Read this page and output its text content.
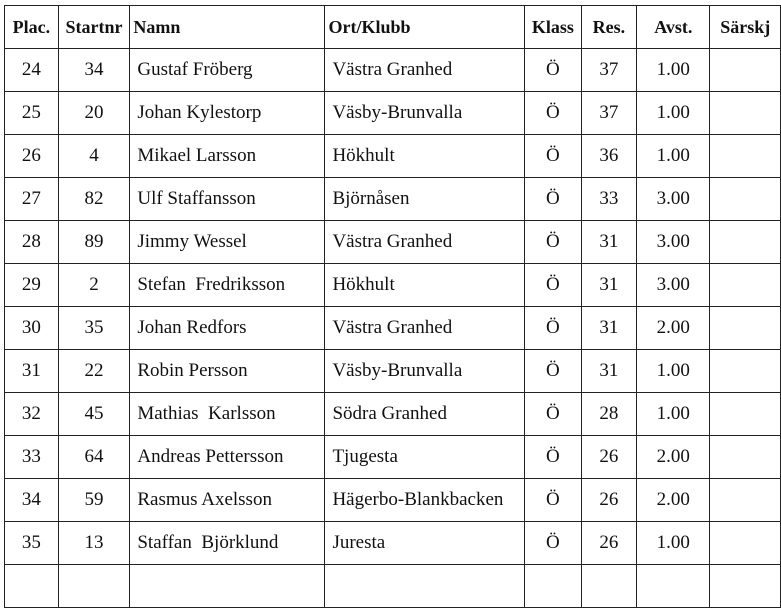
Plac.	Startnr	Namn	Ort/Klubb	Klass	Res.	Avst.	Särskj
24	34	Gustaf Fröberg	Västra Granhed	Ö	37	1.00	
25	20	Johan Kylestorp	Väsby-Brunvalla	Ö	37	1.00	
26	4	Mikael Larsson	Hökhult	Ö	36	1.00	
27	82	Ulf Staffansson	Björnåsen	Ö	33	3.00	
28	89	Jimmy Wessel	Västra Granhed	Ö	31	3.00	
29	2	Stefan  Fredriksson	Hökhult	Ö	31	3.00	
30	35	Johan Redfors	Västra Granhed	Ö	31	2.00	
31	22	Robin Persson	Väsby-Brunvalla	Ö	31	1.00	
32	45	Mathias  Karlsson	Södra Granhed	Ö	28	1.00	
33	64	Andreas Pettersson	Tjugesta	Ö	26	2.00	
34	59	Rasmus Axelsson	Hägerbo-Blankbacken	Ö	26	2.00	
35	13	Staffan  Björklund	Juresta	Ö	26	1.00	
